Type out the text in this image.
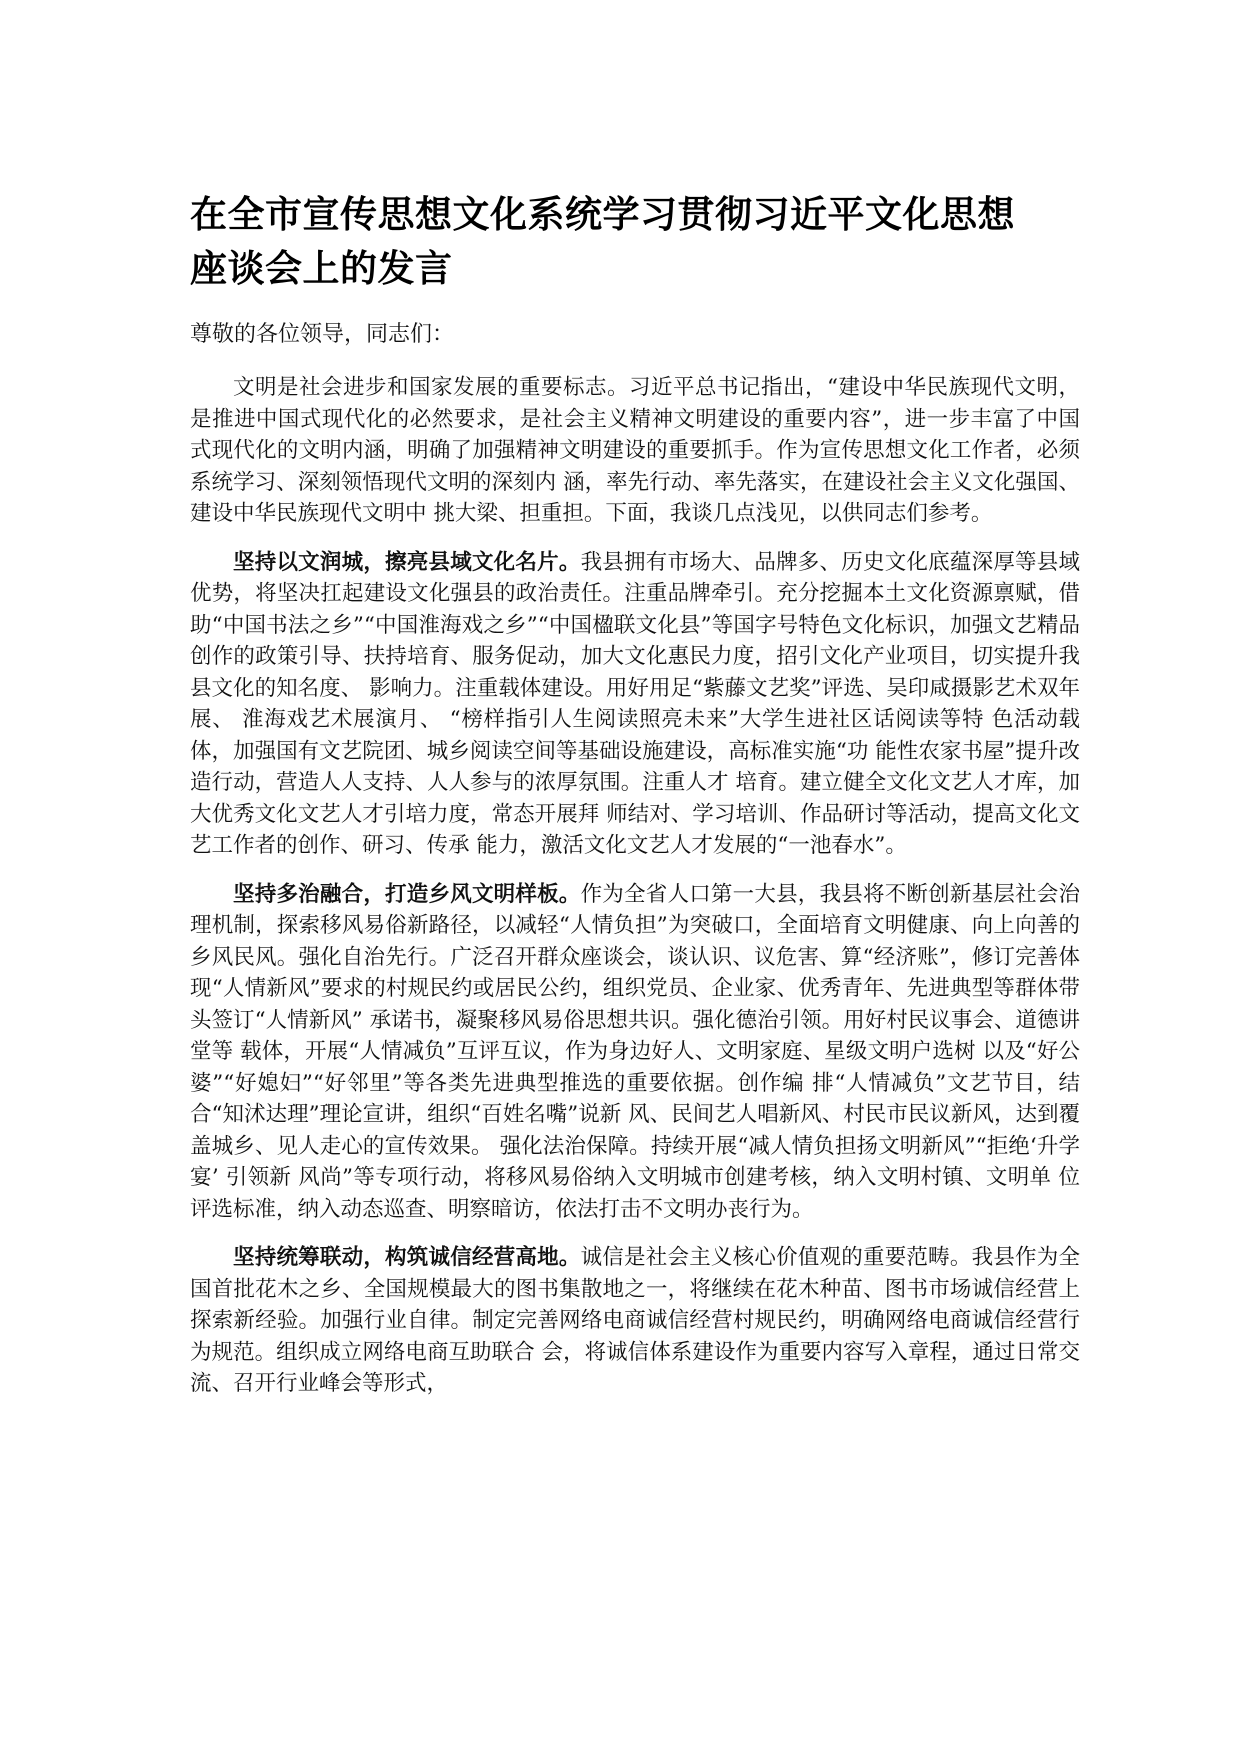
在全市宣传思想文化系统学习贯彻习近平文化思想
座谈会上的发言

尊敬的各位领导，同志们：

文明是社会进步和国家发展的重要标志。习近平总书记指出，“建设中华民族现代文明，是推进中国式现代化的必然要求，是社会主义精神文明建设的重要内容”，进一步丰富了中国式现代化的文明内涵，明确了加强精神文明建设的重要抓手。作为宣传思想文化工作者，必须系统学习、深刻领悟现代文明的深刻内 涵，率先行动、率先落实，在建设社会主义文化强国、建设中华民族现代文明中 挑大梁、担重担。下面，我谈几点浅见，以供同志们参考。

坚持以文润城，擦亮县域文化名片。我县拥有市场大、品牌多、历史文化底蕴深厚等县域优势，将坚决扛起建设文化强县的政治责任。注重品牌牵引。充分挖掘本土文化资源禀赋，借助“中国书法之乡”“中国淮海戏之乡”“中国楹联文化县”等国字号特色文化标识，加强文艺精品创作的政策引导、扶持培育、服务促动，加大文化惠民力度，招引文化产业项目，切实提升我县文化的知名度、 影响力。注重载体建设。用好用足“紫藤文艺奖”评选、吴印咸摄影艺术双年展、 淮海戏艺术展演月、 “榜样指引人生阅读照亮未来”大学生进社区话阅读等特 色活动载体，加强国有文艺院团、城乡阅读空间等基础设施建设，高标准实施“功 能性农家书屋”提升改造行动，营造人人支持、人人参与的浓厚氛围。注重人才 培育。建立健全文化文艺人才库，加大优秀文化文艺人才引培力度，常态开展拜 师结对、学习培训、作品研讨等活动，提高文化文艺工作者的创作、研习、传承 能力，激活文化文艺人才发展的“一池春水”。

坚持多治融合，打造乡风文明样板。作为全省人口第一大县，我县将不断创新基层社会治理机制，探索移风易俗新路径，以减轻“人情负担”为突破口，全面培育文明健康、向上向善的乡风民风。强化自治先行。广泛召开群众座谈会，谈认识、议危害、算“经济账”，修订完善体现“人情新风”要求的村规民约或居民公约，组织党员、企业家、优秀青年、先进典型等群体带头签订“人情新风” 承诺书，凝聚移风易俗思想共识。强化德治引领。用好村民议事会、道德讲堂等 载体，开展“人情减负”互评互议，作为身边好人、文明家庭、星级文明户选树 以及“好公婆”“好媳妇”“好邻里”等各类先进典型推选的重要依据。创作编 排“人情减负”文艺节目，结合“知沭达理”理论宣讲，组织“百姓名嘴”说新 风、民间艺人唱新风、村民市民议新风，达到覆盖城乡、见人走心的宣传效果。 强化法治保障。持续开展“减人情负担扬文明新风”“拒绝‘升学宴’ 引领新 风尚”等专项行动，将移风易俗纳入文明城市创建考核，纳入文明村镇、文明单 位评选标准，纳入动态巡查、明察暗访，依法打击不文明办丧行为。

坚持统筹联动，构筑诚信经营高地。诚信是社会主义核心价值观的重要范畴。我县作为全国首批花木之乡、全国规模最大的图书集散地之一，将继续在花木种苗、图书市场诚信经营上探索新经验。加强行业自律。制定完善网络电商诚信经营村规民约，明确网络电商诚信经营行为规范。组织成立网络电商互助联合 会，将诚信体系建设作为重要内容写入章程，通过日常交流、召开行业峰会等形式，
